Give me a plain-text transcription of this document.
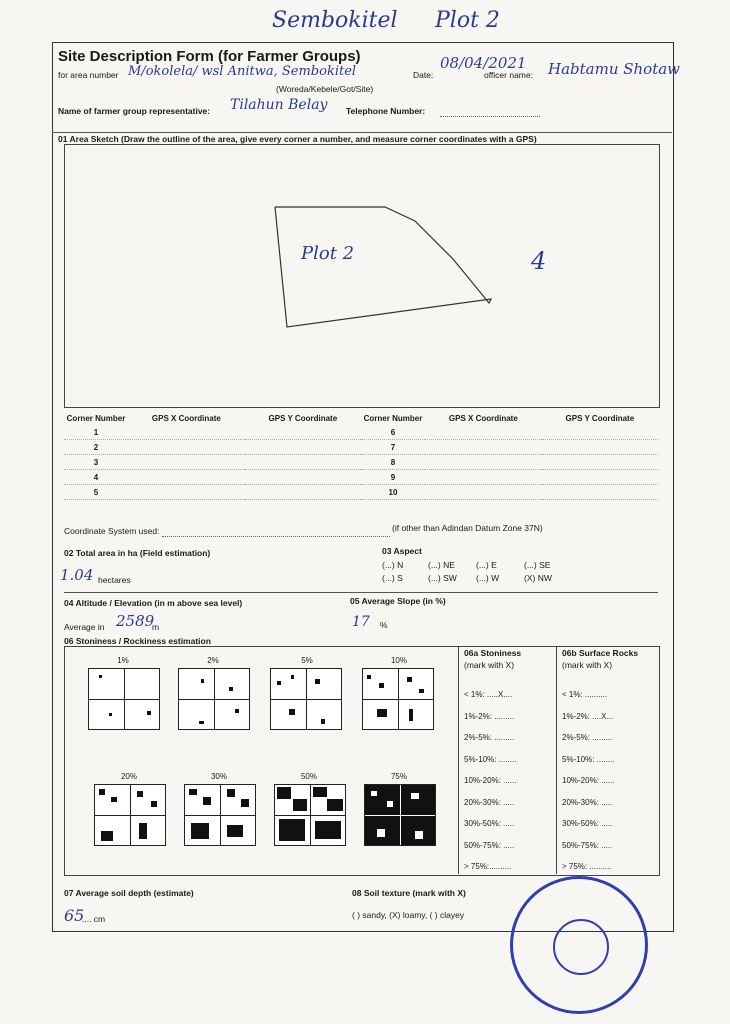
Sembokitel Plot 2
Site Description Form (for Farmer Groups)
for area number M/okolela/ wsl Anitwa, Sembokitel
(Woreda/Kebele/Got/Site)
Date:
08/04/2021
officer name: Habtamu Shotaw
Name of farmer group representative: Tilahun Belay Telephone Number:
01 Area Sketch (Draw the outline of the area, give every corner a number, and measure corner coordinates with a GPS)
Plot 2	4
Corner Number	GPS X Coordinate	GPS Y Coordinate	Corner Number	GPS X Coordinate	GPS Y Coordinate
1			6		
2			7		
3			8		
4			9		
5			10		
Coordinate System used:	(if other than Adindan Datum Zone 37N)
02 Total area in ha (Field estimation)
1.04 hectares
03 Aspect
(...) N	(...) NE (...) E	(...) SE
(...) S	(...) SW (...) W	(X) NW
04 Altitude / Elevation (in m above sea level)
Average in 2589
m
05 Average Slope (in %)
17 %
06 Stoniness / Rockiness estimation
1%	2%	5%	10%
20%	30%	50%	75%
06a Stoniness
(mark with X)
06b Surface Rocks
(mark with X)
< 1%: .....X....
1%-2%: .........
2%-5%: .........
5%-10%: ........
10%-20%: ......
20%-30%: .....
30%-50%: .....
50%-75%: .....
> 75%:..........
< 1%: ..........
1%-2%: ....X...
2%-5%: .........
5%-10%: ........
10%-20%: ......
20%-30%: .....
30%-50%: .....
50%-75%: .....
> 75%: ..........
07 Average soil depth (estimate)
65
.... cm
08 Soil texture (mark with X)
( ) sandy, (X) loamy, ( ) clayey
